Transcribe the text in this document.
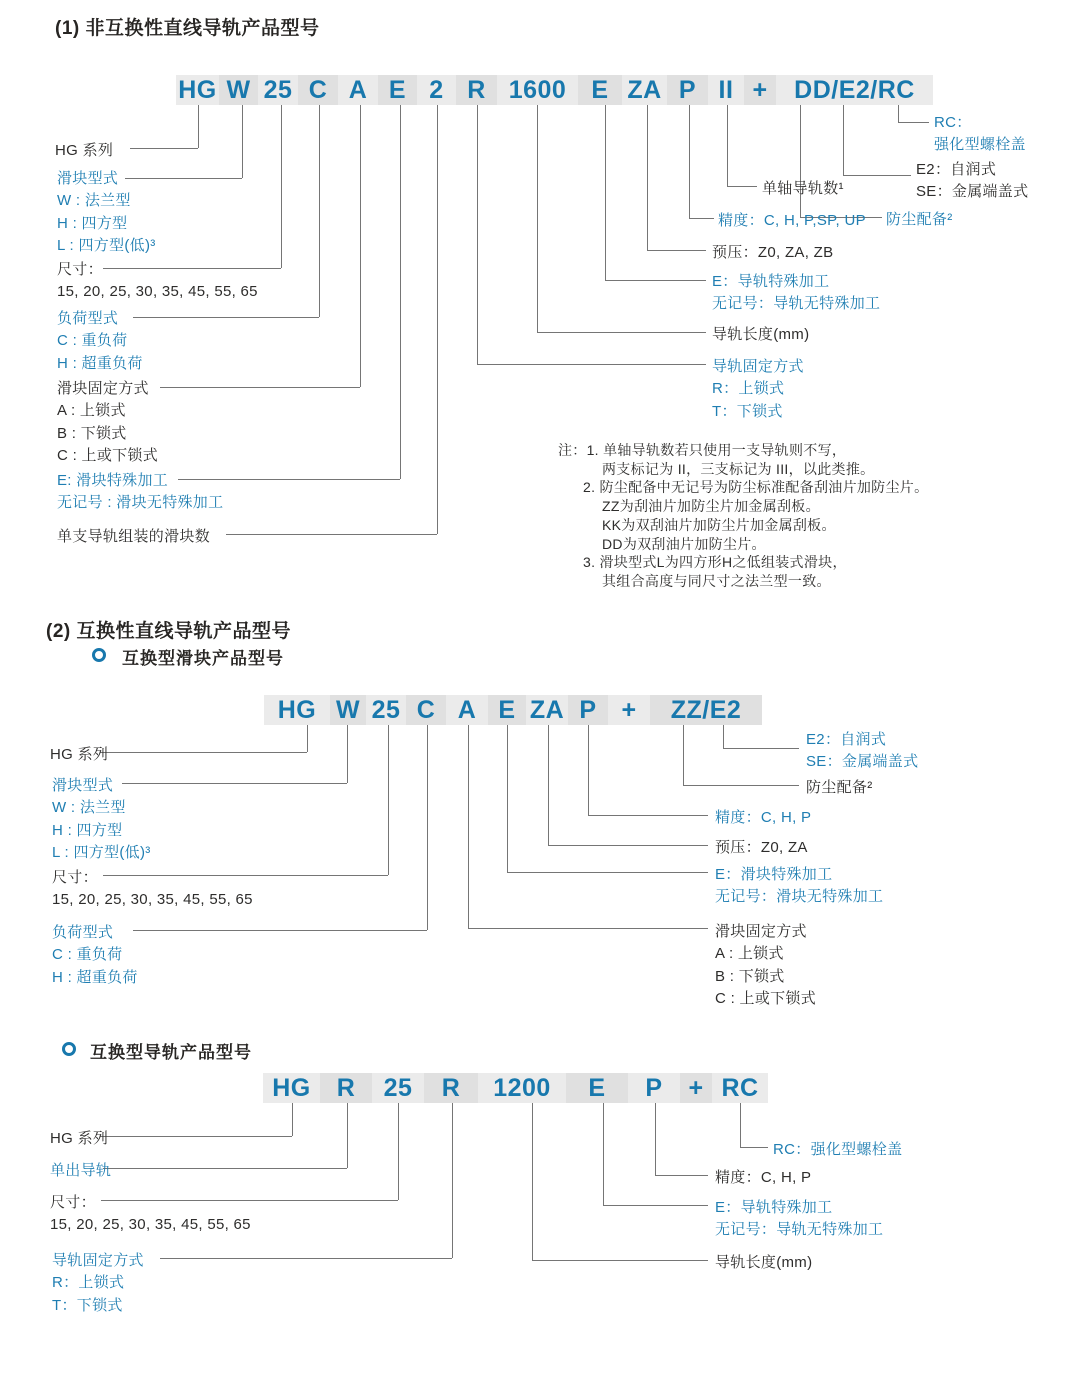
(1) 非互换性直线导轨产品型号
HG W 25 C A E 2 R 1600	E ZA P II +	DD/E2/RC
HG 系列
滑块型式
W : 法兰型
H : 四方型
L : 四方型(低)³
尺寸：
15, 20, 25, 30, 35, 45, 55, 65
负荷型式
C : 重负荷
H : 超重负荷
滑块固定方式
A : 上锁式
B : 下锁式
C : 上或下锁式
E: 滑块特殊加工
无记号 : 滑块无特殊加工
单支导轨组装的滑块数
RC：
强化型螺栓盖
E2：自润式
SE：金属端盖式
单轴导轨数¹
精度：C, H, P,SP, UP 防尘配备²
预压：Z0, ZA, ZB
E：导轨特殊加工
无记号：导轨无特殊加工
导轨长度(mm)
导轨固定方式
R：上锁式
T：下锁式
注：1. 单轴导轨数若只使用一支导轨则不写，
两支标记为 II，三支标记为 III，以此类推。
2. 防尘配备中无记号为防尘标准配备刮油片加防尘片。
ZZ为刮油片加防尘片加金属刮板。
KK为双刮油片加防尘片加金属刮板。
DD为双刮油片加防尘片。
3. 滑块型式L为四方形H之低组装式滑块，
其组合高度与同尺寸之法兰型一致。
(2) 互换性直线导轨产品型号
互换型滑块产品型号
HG W 25 C A E ZA P +	ZZ/E2
HG 系列
滑块型式
W : 法兰型
H : 四方型
L : 四方型(低)³
尺寸：
15, 20, 25, 30, 35, 45, 55, 65
负荷型式
C : 重负荷
H : 超重负荷
E2：自润式
SE：金属端盖式
防尘配备²
精度：C, H, P
预压：Z0, ZA
E：滑块特殊加工
无记号：滑块无特殊加工
滑块固定方式
A : 上锁式
B : 下锁式
C : 上或下锁式
互换型导轨产品型号
HG	R	25	R	1200	E	P	+ RC
HG 系列
单出导轨
尺寸：
15, 20, 25, 30, 35, 45, 55, 65
导轨固定方式
R：上锁式
T：下锁式
RC：强化型螺栓盖
精度：C, H, P
E：导轨特殊加工
无记号：导轨无特殊加工
导轨长度(mm)
